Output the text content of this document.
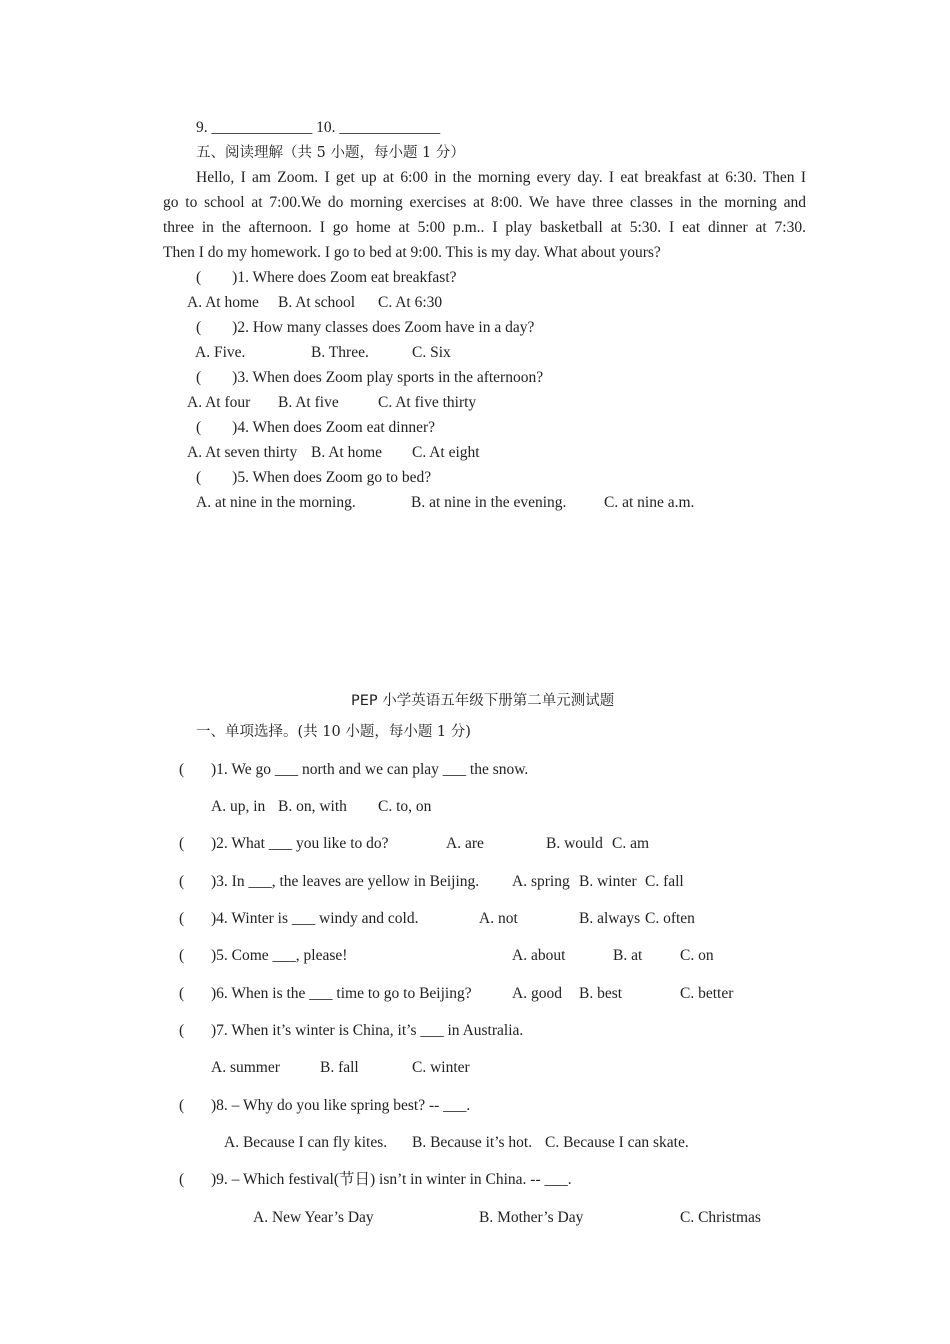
9. _____________ 10. _____________
五、阅读理解（共 5 小题，每小题 1 分）
Hello, I am Zoom. I get up at 6:00 in the morning every day. I eat breakfast at 6:30. Then I
go to school at 7:00.We do morning exercises at 8:00. We have three classes in the morning and
three in the afternoon. I go home at 5:00 p.m.. I play basketball at 5:30. I eat dinner at 7:30.
Then I do my homework. I go to bed at 9:00. This is my day. What about yours?
(　　)1. Where does Zoom eat breakfast?
A. At home B. At school C. At 6:30
(　　)2. How many classes does Zoom have in a day?
A. Five.	B. Three.	C. Six
(　　)3. When does Zoom play sports in the afternoon?
A. At four B. At five	C. At five thirty
(　　)4. When does Zoom eat dinner?
A. At seven thirty B. At home C. At eight
(　　)5. When does Zoom go to bed?
A. at nine in the morning.	B. at nine in the evening. C. at nine a.m.
PEP 小学英语五年级下册第二单元测试题
一、单项选择。(共 10 小题，每小题 1 分)
( )1. We go ___ north and we can play ___ the snow.
A. up, in B. on, with C. to, on
( )2. What ___ you like to do?	A. are	B. would C. am
( )3. In ___, the leaves are yellow in Beijing. A. spring B. winter C. fall
( )4. Winter is ___ windy and cold.	A. not	B. always C. often
( )5. Come ___, please!	A. about	B. at C. on
( )6. When is the ___ time to go to Beijing?	A. good B. best	C. better
( )7. When it’s winter is China, it’s ___ in Australia.
A. summer	B. fall	C. winter
( )8. – Why do you like spring best? -- ___.
A. Because I can fly kites. B. Because it’s hot. C. Because I can skate.
( )9. – Which festival(节日) isn’t in winter in China. -- ___.
A. New Year’s Day	B. Mother’s Day	C. Christmas
